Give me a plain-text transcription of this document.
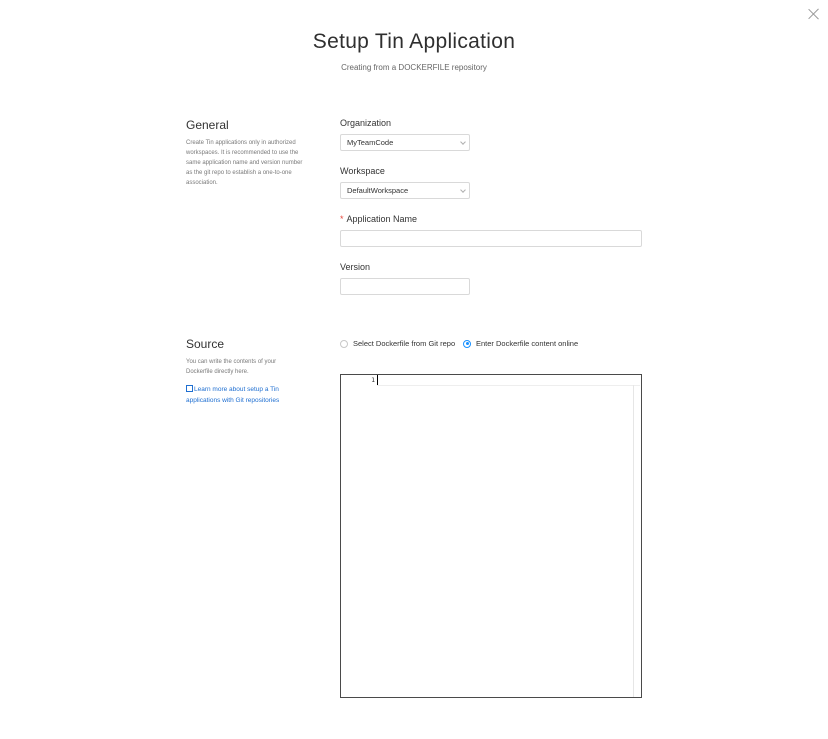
Setup Tin Application
Creating from a DOCKERFILE repository
General
Create Tin applications only in authorized workspaces. It is recommended to use the same application name and version number as the git repo to establish a one-to-one association.
Organization
MyTeamCode
Workspace
DefaultWorkspace
* Application Name
Version
Source
You can write the contents of your Dockerfile directly here.
Learn more about setup a Tin applications with Git repositories
Select Dockerfile from Git repo	Enter Dockerfile content online
1
